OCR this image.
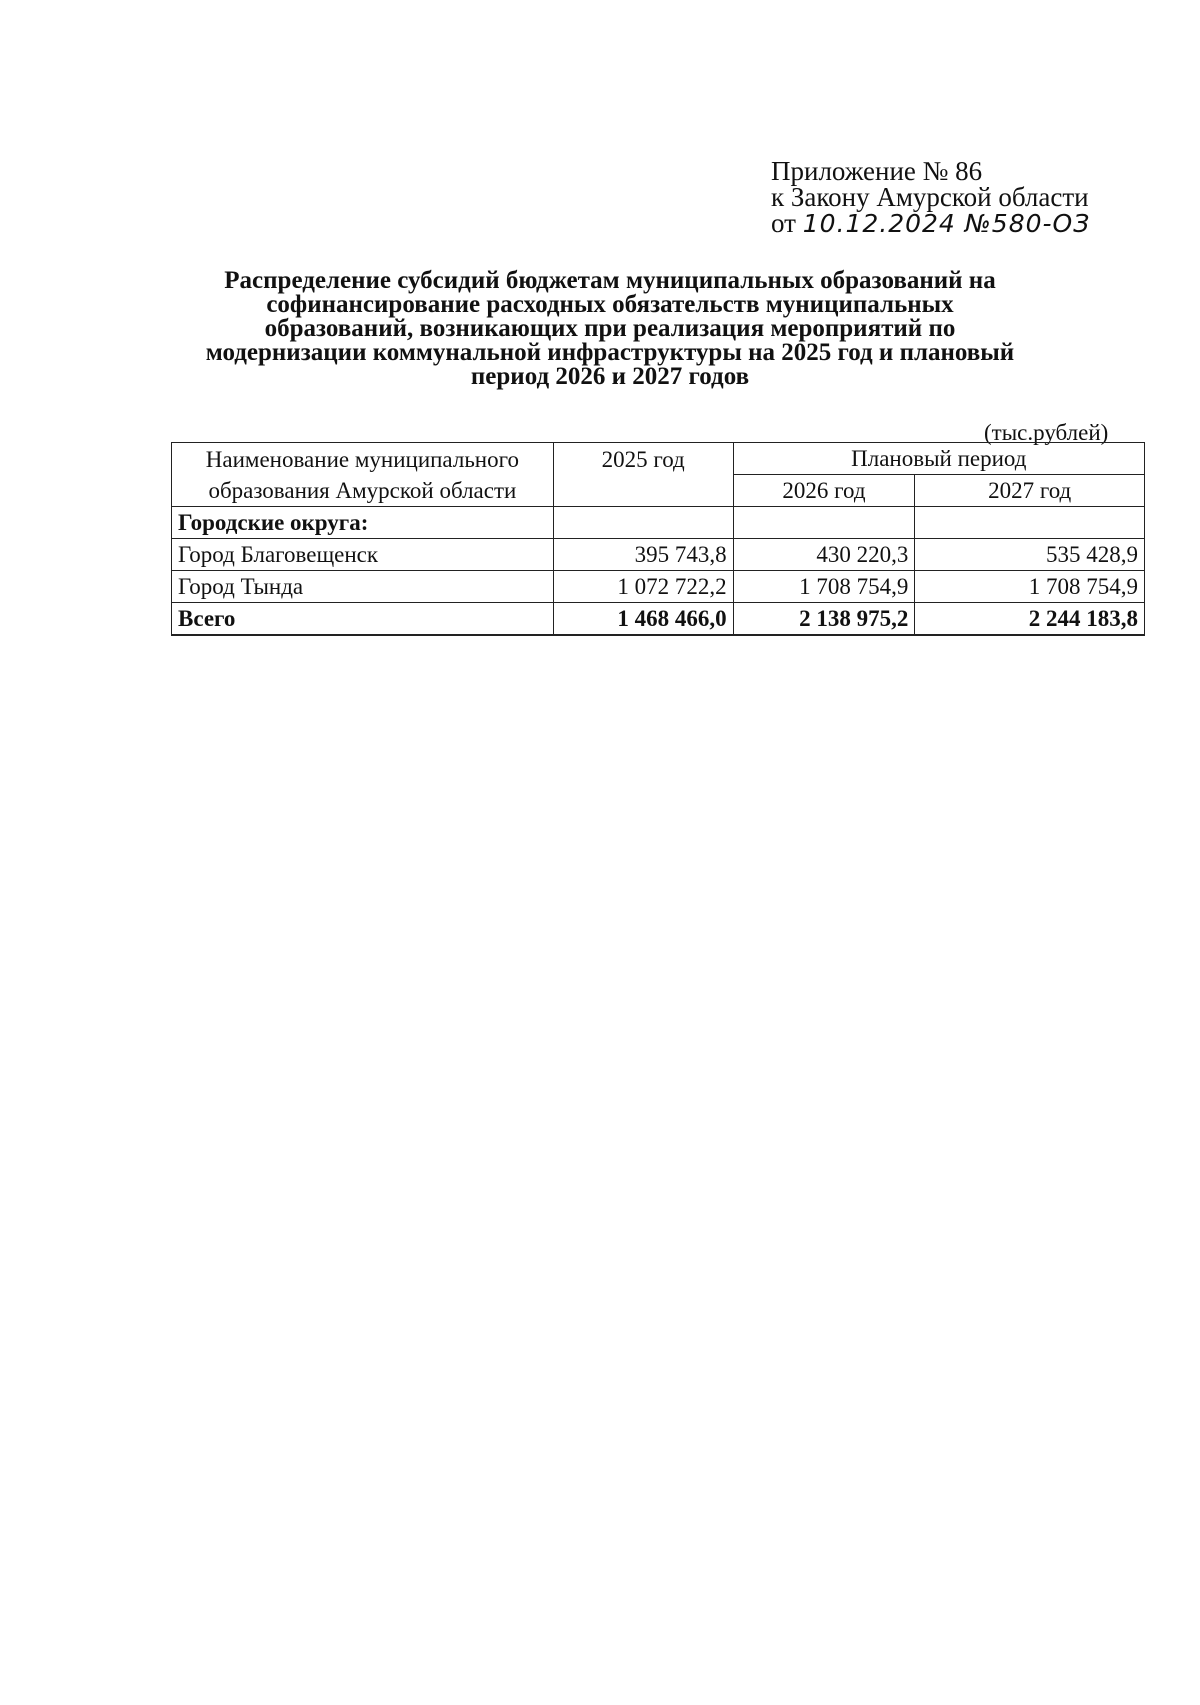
Приложение № 86
к Закону Амурской области
от 10.12.2024 №580-ОЗ
Распределение субсидий бюджетам муниципальных образований на
софинансирование расходных обязательств муниципальных
образований, возникающих при реализация мероприятий по
модернизации коммунальной инфраструктуры на 2025 год и плановый
период 2026 и 2027 годов
(тыс.рублей)
Наименование муниципального
образования Амурской области	2025 год	Плановый период	
		2026 год	2027 год
Городские округа:			
Город Благовещенск	395 743,8	430 220,3	535 428,9
Город Тында	1 072 722,2	1 708 754,9	1 708 754,9
Всего	1 468 466,0	2 138 975,2	2 244 183,8
